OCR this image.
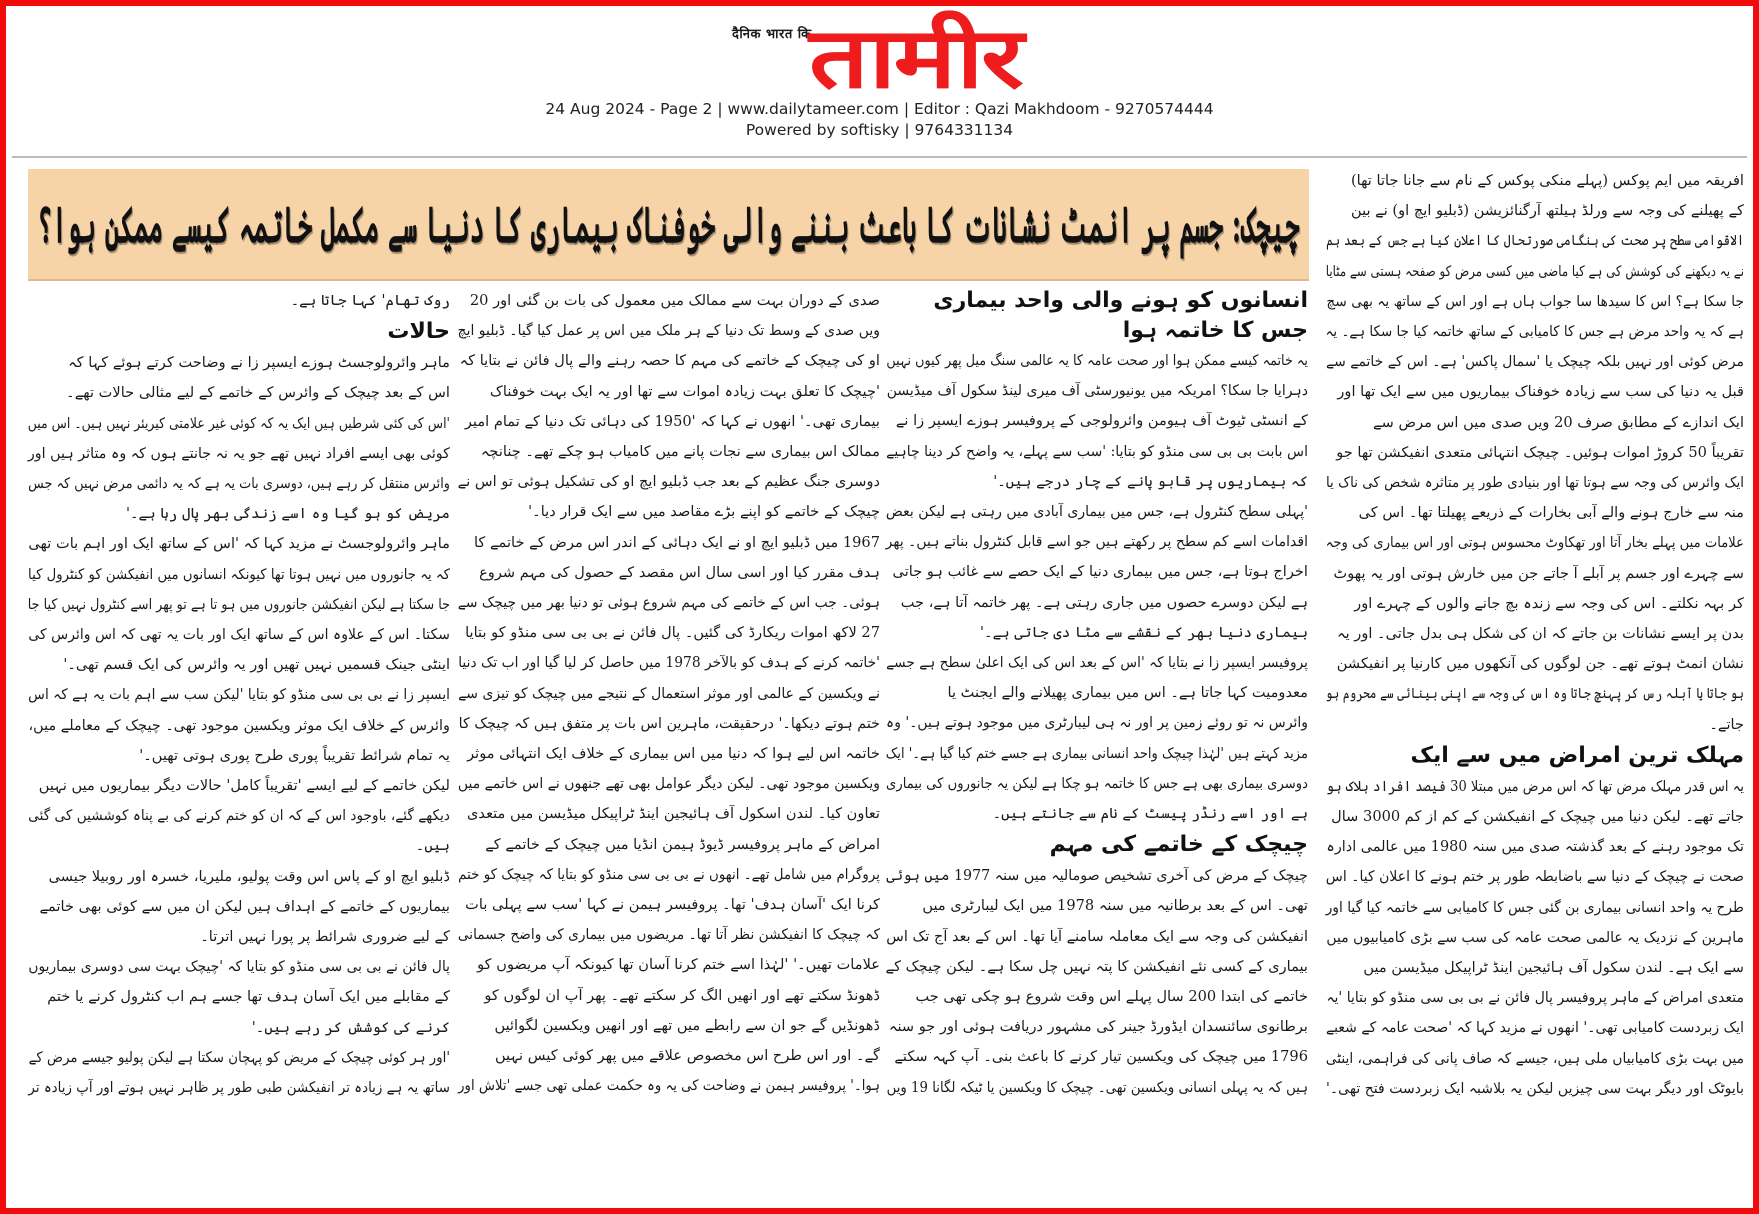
दैनिक भारत कि
तामीर
24 Aug 2024 - Page 2 | www.dailytameer.com | Editor : Qazi Makhdoom - 9270574444
Powered by softisky | 9764331134
چیچک: جسم پر انمٹ نشانات کا باعث بننے والی خوفناک بیماری کا دنیا سے مکمل خاتمہ کیسے ممکن ہوا؟
افریقہ میں ایم پوکس (پہلے منکی پوکس کے نام سے جانا جاتا تھا)
کے پھیلنے کی وجہ سے ورلڈ ہیلتھ آرگنائزیشن (ڈبلیو ایچ او) نے بین
الاقوامی سطح پر صحت کی ہنگامی صورتحال کا اعلان کیا ہے جس کے بعد ہم
نے یہ دیکھنے کی کوشش کی ہے کیا ماضی میں کسی مرض کو صفحہ ہستی سے مٹایا
جا سکا ہے؟ اس کا سیدھا سا جواب ہاں ہے اور اس کے ساتھ یہ بھی سچ
ہے کہ یہ واحد مرض ہے جس کا کامیابی کے ساتھ خاتمہ کیا جا سکا ہے۔ یہ
مرض کوئی اور نہیں بلکہ چیچک یا 'سمال پاکس' ہے۔ اس کے خاتمے سے
قبل یہ دنیا کی سب سے زیادہ خوفناک بیماریوں میں سے ایک تھا اور
ایک اندازے کے مطابق صرف 20 ویں صدی میں اس مرض سے
تقریباً 50 کروڑ اموات ہوئیں۔ چیچک انتہائی متعدی انفیکشن تھا جو
ایک وائرس کی وجہ سے ہوتا تھا اور بنیادی طور پر متاثرہ شخص کی ناک یا
منہ سے خارج ہونے والے آبی بخارات کے ذریعے پھیلتا تھا۔ اس کی
علامات میں پہلے بخار آتا اور تھکاوٹ محسوس ہوتی اور اس بیماری کی وجہ
سے چہرے اور جسم پر آبلے آ جاتے جن میں خارش ہوتی اور یہ پھوٹ
کر بہہ نکلتے۔ اس کی وجہ سے زندہ بچ جانے والوں کے چہرے اور
بدن پر ایسے نشانات بن جاتے کہ ان کی شکل ہی بدل جاتی۔ اور یہ
نشان انمٹ ہوتے تھے۔ جن لوگوں کی آنکھوں میں کارنیا پر انفیکشن
ہو جاتا یا آبلہ رس کر پہنچ جاتا وہ اس کی وجہ سے اپنی بینائی سے محروم ہو
جاتے۔
مہلک ترین امراض میں سے ایک
یہ اس قدر مہلک مرض تھا کہ اس مرض میں مبتلا 30 فیصد افراد ہلاک ہو
جاتے تھے۔ لیکن دنیا میں چیچک کے انفیکشن کے کم از کم 3000 سال
تک موجود رہنے کے بعد گذشتہ صدی میں سنہ 1980 میں عالمی ادارہ
صحت نے چیچک کے دنیا سے باضابطہ طور پر ختم ہونے کا اعلان کیا۔ اس
طرح یہ واحد انسانی بیماری بن گئی جس کا کامیابی سے خاتمہ کیا گیا اور
ماہرین کے نزدیک یہ عالمی صحت عامہ کی سب سے بڑی کامیابیوں میں
سے ایک ہے۔ لندن سکول آف ہائیجین اینڈ ٹراپیکل میڈیسن میں
متعدی امراض کے ماہر پروفیسر پال فائن نے بی بی سی منڈو کو بتایا 'یہ
ایک زبردست کامیابی تھی۔' انھوں نے مزید کہا کہ 'صحت عامہ کے شعبے
میں بہت بڑی کامیابیاں ملی ہیں، جیسے کہ صاف پانی کی فراہمی، اینٹی
بایوٹک اور دیگر بہت سی چیزیں لیکن یہ بلاشبہ ایک زبردست فتح تھی۔'
انسانوں کو ہونے والی واحد بیماری جس کا خاتمہ ہوا
یہ خاتمہ کیسے ممکن ہوا اور صحت عامہ کا یہ عالمی سنگ میل پھر کیوں نہیں
دہرایا جا سکا؟ امریکہ میں یونیورسٹی آف میری لینڈ سکول آف میڈیسن
کے انسٹی ٹیوٹ آف ہیومن وائرولوجی کے پروفیسر ہوزے ایسپر زا نے
اس بابت بی بی سی منڈو کو بتایا: 'سب سے پہلے، یہ واضح کر دینا چاہیے
کہ بیماریوں پر قابو پانے کے چار درجے ہیں۔'
'پہلی سطح کنٹرول ہے، جس میں بیماری آبادی میں رہتی ہے لیکن بعض
اقدامات اسے کم سطح پر رکھتے ہیں جو اسے قابل کنٹرول بناتے ہیں۔ پھر
اخراج ہوتا ہے، جس میں بیماری دنیا کے ایک حصے سے غائب ہو جاتی
ہے لیکن دوسرے حصوں میں جاری رہتی ہے۔ پھر خاتمہ آتا ہے، جب
بیماری دنیا بھر کے نقشے سے مٹا دی جاتی ہے۔'
پروفیسر ایسپر زا نے بتایا کہ 'اس کے بعد اس کی ایک اعلیٰ سطح ہے جسے
معدومیت کہا جاتا ہے۔ اس میں بیماری پھیلانے والے ایجنٹ یا
وائرس نہ تو روئے زمین پر اور نہ ہی لیبارٹری میں موجود ہوتے ہیں۔' وہ
مزید کہتے ہیں 'لہٰذا چیچک واحد انسانی بیماری ہے جسے ختم کیا گیا ہے۔' ایک
دوسری بیماری بھی ہے جس کا خاتمہ ہو چکا ہے لیکن یہ جانوروں کی بیماری
ہے اور اسے رنڈر پیسٹ کے نام سے جانتے ہیں۔
چیچک کے خاتمے کی مہم
چیچک کے مرض کی آخری تشخیص صومالیہ میں سنہ 1977 میں ہوئی
تھی۔ اس کے بعد برطانیہ میں سنہ 1978 میں ایک لیبارٹری میں
انفیکشن کی وجہ سے ایک معاملہ سامنے آیا تھا۔ اس کے بعد آج تک اس
بیماری کے کسی نئے انفیکشن کا پتہ نہیں چل سکا ہے۔ لیکن چیچک کے
خاتمے کی ابتدا 200 سال پہلے اس وقت شروع ہو چکی تھی جب
برطانوی سائنسدان ایڈورڈ جینر کی مشہور دریافت ہوئی اور جو سنہ
1796 میں چیچک کی ویکسین تیار کرنے کا باعث بنی۔ آپ کہہ سکتے
ہیں کہ یہ پہلی انسانی ویکسین تھی۔ چیچک کا ویکسین یا ٹیکہ لگانا 19 ویں
صدی کے دوران بہت سے ممالک میں معمول کی بات بن گئی اور 20
ویں صدی کے وسط تک دنیا کے ہر ملک میں اس پر عمل کیا گیا۔ ڈبلیو ایچ
او کی چیچک کے خاتمے کی مہم کا حصہ رہنے والے پال فائن نے بتایا کہ
'چیچک کا تعلق بہت زیادہ اموات سے تھا اور یہ ایک بہت خوفناک
بیماری تھی۔' انھوں نے کہا کہ '1950 کی دہائی تک دنیا کے تمام امیر
ممالک اس بیماری سے نجات پانے میں کامیاب ہو چکے تھے۔ چنانچہ
دوسری جنگ عظیم کے بعد جب ڈبلیو ایچ او کی تشکیل ہوئی تو اس نے
چیچک کے خاتمے کو اپنے بڑے مقاصد میں سے ایک قرار دیا۔'
1967 میں ڈبلیو ایچ او نے ایک دہائی کے اندر اس مرض کے خاتمے کا
ہدف مقرر کیا اور اسی سال اس مقصد کے حصول کی مہم شروع
ہوئی۔ جب اس کے خاتمے کی مہم شروع ہوئی تو دنیا بھر میں چیچک سے
27 لاکھ اموات ریکارڈ کی گئیں۔ پال فائن نے بی بی سی منڈو کو بتایا
'خاتمہ کرنے کے ہدف کو بالآخر 1978 میں حاصل کر لیا گیا اور اب تک دنیا
نے ویکسین کے عالمی اور موثر استعمال کے نتیجے میں چیچک کو تیزی سے
ختم ہوتے دیکھا۔' درحقیقت، ماہرین اس بات پر متفق ہیں کہ چیچک کا
خاتمہ اس لیے ہوا کہ دنیا میں اس بیماری کے خلاف ایک انتہائی موثر
ویکسین موجود تھی۔ لیکن دیگر عوامل بھی تھے جنھوں نے اس خاتمے میں
تعاون کیا۔ لندن اسکول آف ہائیجین اینڈ ٹراپیکل میڈیسن میں متعدی
امراض کے ماہر پروفیسر ڈیوڈ ہیمن انڈیا میں چیچک کے خاتمے کے
پروگرام میں شامل تھے۔ انھوں نے بی بی سی منڈو کو بتایا کہ چیچک کو ختم
کرنا ایک 'آسان ہدف' تھا۔ پروفیسر ہیمن نے کہا 'سب سے پہلی بات
کہ چیچک کا انفیکشن نظر آتا تھا۔ مریضوں میں بیماری کی واضح جسمانی
علامات تھیں۔' 'لہٰذا اسے ختم کرنا آسان تھا کیونکہ آپ مریضوں کو
ڈھونڈ سکتے تھے اور انھیں الگ کر سکتے تھے۔ پھر آپ ان لوگوں کو
ڈھونڈیں گے جو ان سے رابطے میں تھے اور انھیں ویکسین لگوائیں
گے۔ اور اس طرح اس مخصوص علاقے میں پھر کوئی کیس نہیں
ہوا۔' پروفیسر ہیمن نے وضاحت کی یہ وہ حکمت عملی تھی جسے 'تلاش اور
روک تھام' کہا جاتا ہے۔
حالات
ماہر وائرولوجسٹ ہوزے ایسپر زا نے وضاحت کرتے ہوئے کہا کہ
اس کے بعد چیچک کے وائرس کے خاتمے کے لیے مثالی حالات تھے۔
'اس کی کئی شرطیں ہیں ایک یہ کہ کوئی غیر علامتی کیریئر نہیں ہیں۔ اس میں
کوئی بھی ایسے افراد نہیں تھے جو یہ نہ جانتے ہوں کہ وہ متاثر ہیں اور
وائرس منتقل کر رہے ہیں، دوسری بات یہ ہے کہ یہ دائمی مرض نہیں کہ جس
مریض کو ہو گیا وہ اسے زندگی بھر پال رہا ہے۔'
ماہر وائرولوجسٹ نے مزید کہا کہ 'اس کے ساتھ ایک اور اہم بات تھی
کہ یہ جانوروں میں نہیں ہوتا تھا کیونکہ انسانوں میں انفیکشن کو کنٹرول کیا
جا سکتا ہے لیکن انفیکشن جانوروں میں ہو تا ہے تو پھر اسے کنٹرول نہیں کیا جا
سکتا۔ اس کے علاوہ اس کے ساتھ ایک اور بات یہ تھی کہ اس وائرس کی
اینٹی جینک قسمیں نہیں تھیں اور یہ وائرس کی ایک قسم تھی۔'
ایسپر زا نے بی بی سی منڈو کو بتایا 'لیکن سب سے اہم بات یہ ہے کہ اس
وائرس کے خلاف ایک موثر ویکسین موجود تھی۔ چیچک کے معاملے میں،
یہ تمام شرائط تقریباً پوری طرح پوری ہوتی تھیں۔'
لیکن خاتمے کے لیے ایسے 'تقریباً کامل' حالات دیگر بیماریوں میں نہیں
دیکھے گئے، باوجود اس کے کہ ان کو ختم کرنے کی بے پناہ کوششیں کی گئی
ہیں۔
ڈبلیو ایچ او کے پاس اس وقت پولیو، ملیریا، خسرہ اور روبیلا جیسی
بیماریوں کے خاتمے کے اہداف ہیں لیکن ان میں سے کوئی بھی خاتمے
کے لیے ضروری شرائط پر پورا نہیں اترتا۔
پال فائن نے بی بی سی منڈو کو بتایا کہ 'چیچک بہت سی دوسری بیماریوں
کے مقابلے میں ایک آسان ہدف تھا جسے ہم اب کنٹرول کرنے یا ختم
کرنے کی کوشش کر رہے ہیں۔'
'اور ہر کوئی چیچک کے مریض کو پہچان سکتا ہے لیکن پولیو جیسے مرض کے
ساتھ یہ ہے زیادہ تر انفیکشن طبی طور پر ظاہر نہیں ہوتے اور آپ زیادہ تر
